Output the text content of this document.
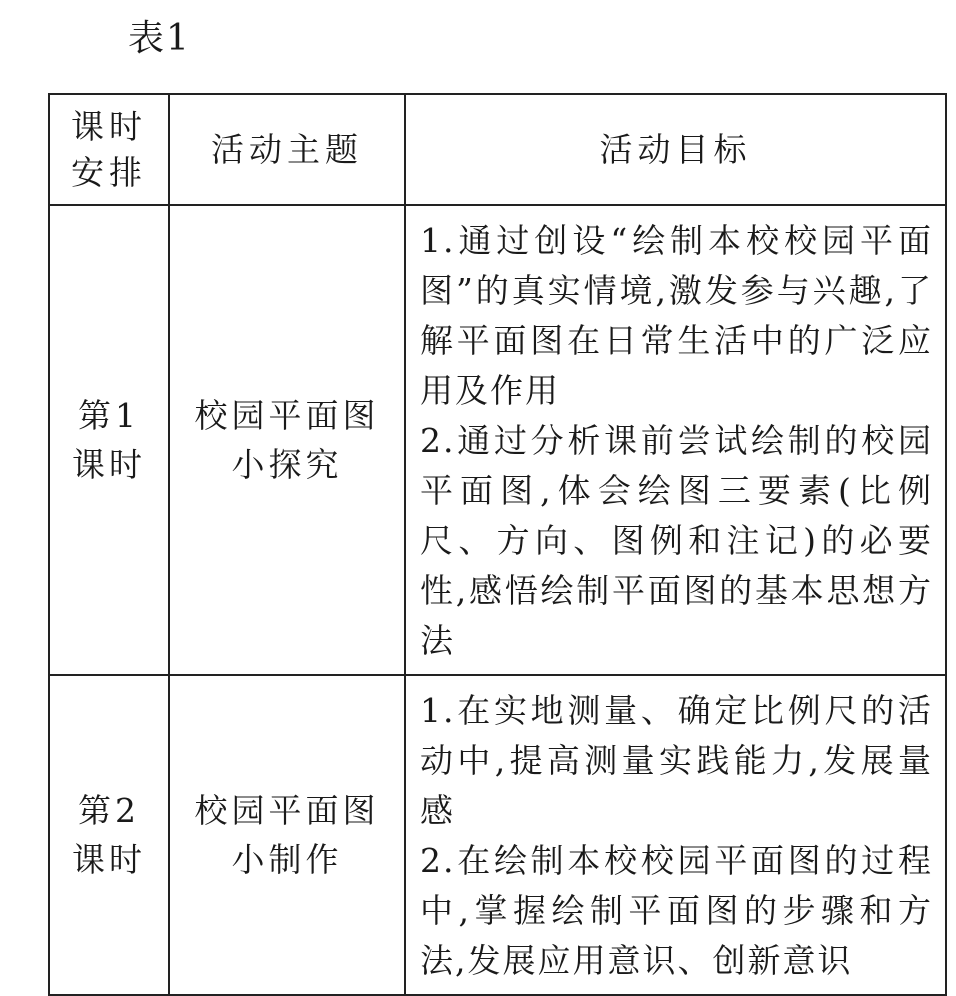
表1
课时安排	活动主题	活动目标
第1课时	校园平面图小探究	1.通过创设“绘制本校校园平面图”的真实情境,激发参与兴趣,了解平面图在日常生活中的广泛应用及作用
2.通过分析课前尝试绘制的校园平面图,体会绘图三要素(比例尺、方向、图例和注记)的必要性,感悟绘制平面图的基本思想方法

第2课时	校园平面图小制作	1.在实地测量、确定比例尺的活动中,提高测量实践能力,发展量感
2.在绘制本校校园平面图的过程中,掌握绘制平面图的步骤和方法,发展应用意识、创新意识
